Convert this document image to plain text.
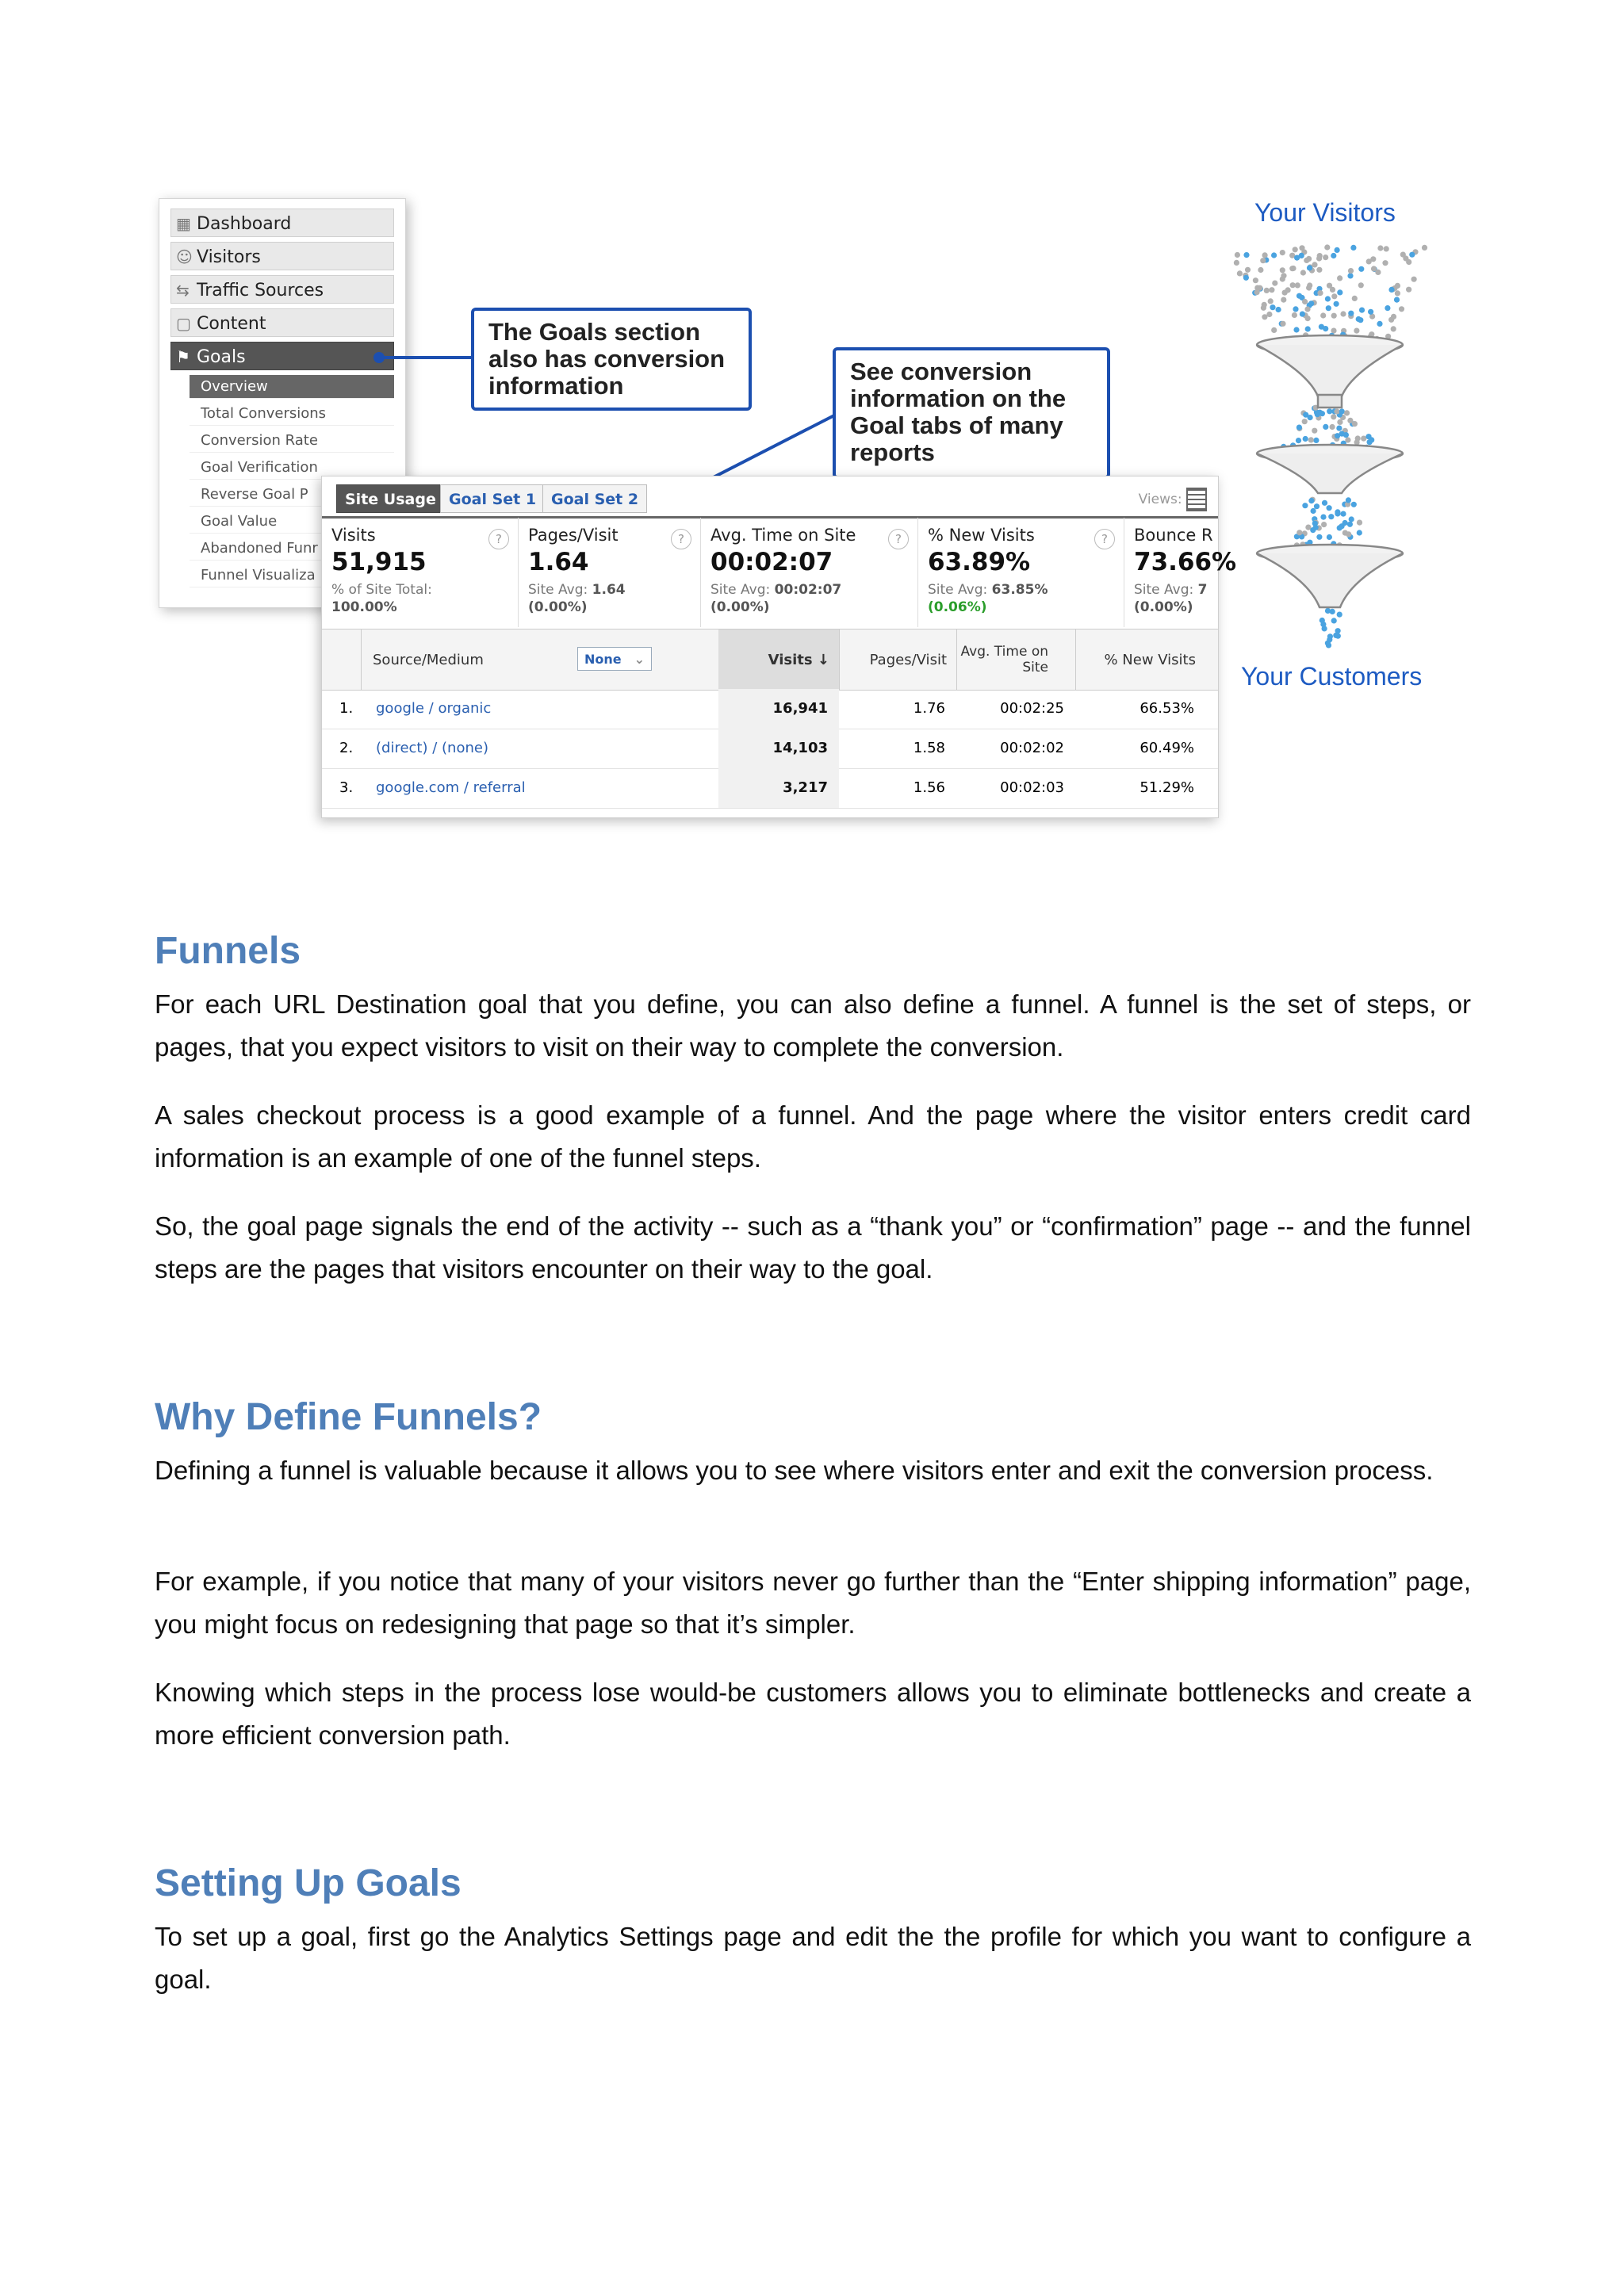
▦ Dashboard
☺ Visitors
⇆ Traffic Sources
▢ Content
⚑ Goals
Overview
Total Conversions
Conversion Rate
Goal Verification
Reverse Goal P
Goal Value
Abandoned Funr
Funnel Visualiza
The Goals section also has conversion information
See conversion information on the Goal tabs of many reports
Site Usage Goal Set 1 Goal Set 2	Views:
Visits
51,915
% of Site Total:
100.00%
?	Pages/Visit
1.64
Site Avg: 1.64
(0.00%)
?	Avg. Time on Site
00:02:07
Site Avg: 00:02:07
(0.00%)
?	% New Visits
63.89%
Site Avg: 63.85%
(0.06%)
?	Bounce R
73.66%
Site Avg: 7
(0.00%)
Source/Medium	None ⌄	Visits
↓	Pages/Visit	Avg. Time on Site	% New Visits
1. google / organic	16,941	1.76	00:02:25	66.53%
2. (direct) / (none)	14,103	1.58	00:02:02	60.49%
3. google.com / referral	3,217	1.56	00:02:03	51.29%
Your Visitors
Your Customers
Funnels

For each URL Destination goal that you define, you can also define a funnel. A funnel is the set of steps, or pages, that you expect visitors to visit on their way to complete the conversion.

A sales checkout process is a good example of a funnel. And the page where the visitor enters credit card information is an example of one of the funnel steps.

So, the goal page signals the end of the activity -- such as a “thank you” or “confirmation” page -- and the funnel steps are the pages that visitors encounter on their way to the goal.

Why Define Funnels?

Defining a funnel is valuable because it allows you to see where visitors enter and exit the conversion process.

For example, if you notice that many of your visitors never go further than the “Enter shipping information” page, you might focus on redesigning that page so that it’s simpler.

Knowing which steps in the process lose would-be customers allows you to eliminate bottlenecks and create a more efficient conversion path.

Setting Up Goals

To set up a goal, first go the Analytics Settings page and edit the the profile for which you want to configure a goal.
